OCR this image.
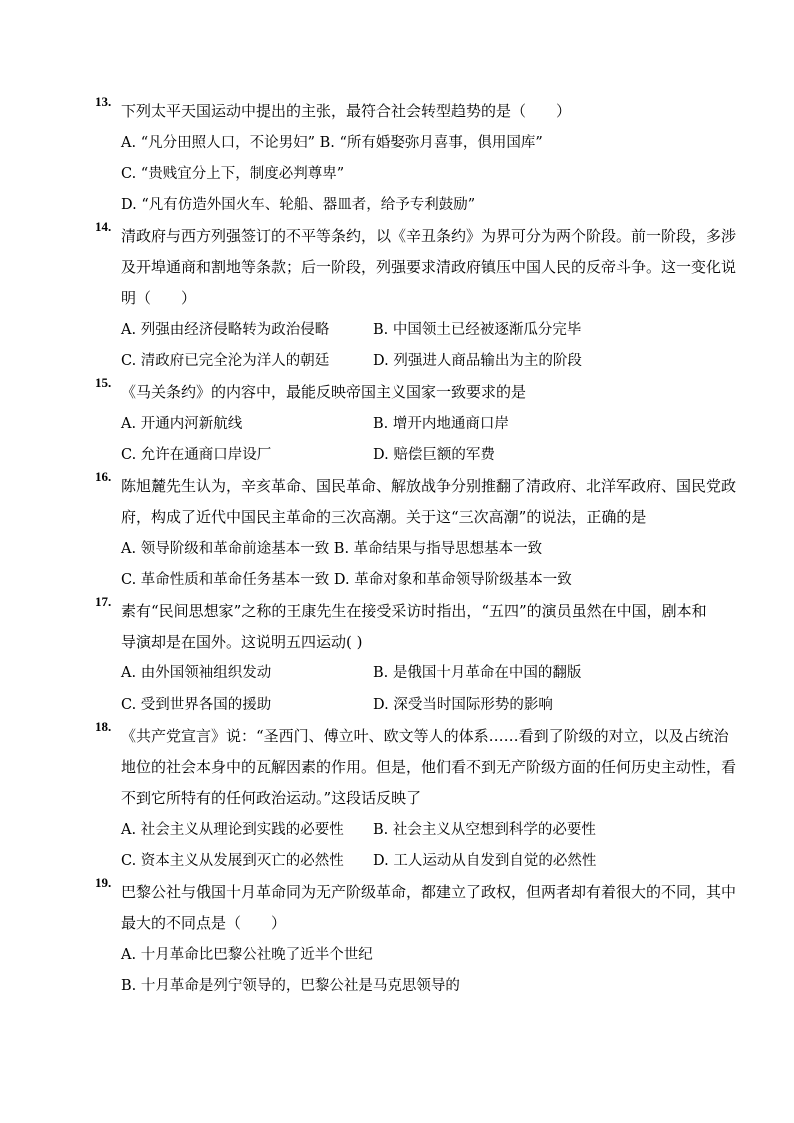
13.
下列太平天国运动中提出的主张，最符合社会转型趋势的是（　　）
A. “凡分田照人口，不论男妇” B. “所有婚娶弥月喜事，俱用国库”
C. “贵贱宜分上下，制度必判尊卑”
D. “凡有仿造外国火车、轮船、器皿者，给予专利鼓励”
14.
清政府与西方列强签订的不平等条约，以《辛丑条约》为界可分为两个阶段。前一阶段，多涉
及开埠通商和割地等条款；后一阶段，列强要求清政府镇压中国人民的反帝斗争。这一变化说
明（　　）
A. 列强由经济侵略转为政治侵略	B. 中国领土已经被逐渐瓜分完毕
C. 清政府已完全沦为洋人的朝廷	D. 列强进人商品输出为主的阶段
15.
《马关条约》的内容中，最能反映帝国主义国家一致要求的是
A. 开通内河新航线	B. 增开内地通商口岸
C. 允许在通商口岸设厂	D. 赔偿巨额的军费
16.
陈旭麓先生认为，辛亥革命、国民革命、解放战争分别推翻了清政府、北洋军政府、国民党政
府，构成了近代中国民主革命的三次高潮。关于这“三次高潮”的说法，正确的是
A. 领导阶级和革命前途基本一致 B. 革命结果与指导思想基本一致
C. 革命性质和革命任务基本一致 D. 革命对象和革命领导阶级基本一致
17.
素有“民间思想家”之称的王康先生在接受采访时指出，“五四”的演员虽然在中国，剧本和
导演却是在国外。这说明五四运动( )
A. 由外国领袖组织发动	B. 是俄国十月革命在中国的翻版
C. 受到世界各国的援助	D. 深受当时国际形势的影响
18.
《共产党宣言》说：“圣西门、傅立叶、欧文等人的体系……看到了阶级的对立，以及占统治
地位的社会本身中的瓦解因素的作用。但是，他们看不到无产阶级方面的任何历史主动性，看
不到它所特有的任何政治运动。”这段话反映了
A. 社会主义从理论到实践的必要性 B. 社会主义从空想到科学的必要性
C. 资本主义从发展到灭亡的必然性 D. 工人运动从自发到自觉的必然性
19.
巴黎公社与俄国十月革命同为无产阶级革命，都建立了政权，但两者却有着很大的不同，其中
最大的不同点是（　　）
A. 十月革命比巴黎公社晚了近半个世纪
B. 十月革命是列宁领导的，巴黎公社是马克思领导的
